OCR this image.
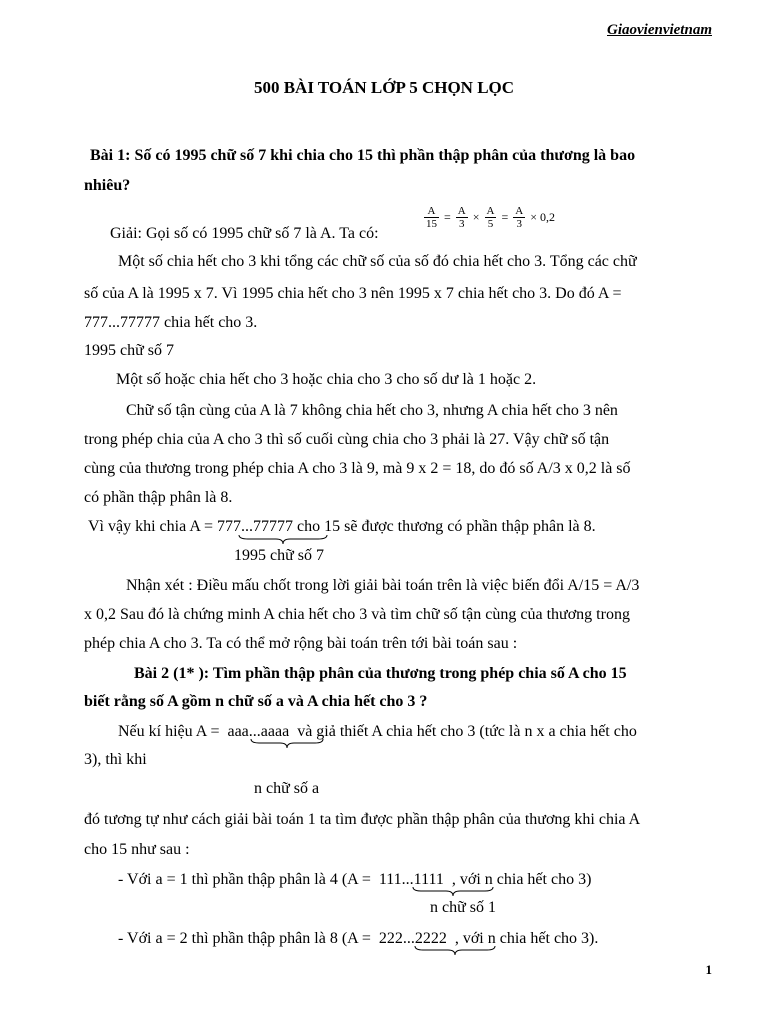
Giaovienvietnam
500 BÀI TOÁN LỚP 5 CHỌN LỌC
Bài 1: Số có 1995 chữ số 7 khi chia cho 15 thì phần thập phân của thương là bao
nhiêu?
Giải: Gọi số có 1995 chữ số 7 là A. Ta có:
$\frac{A}{15} = \frac{A}{3} \times \frac{A}{5} = \frac{A}{3} \times 0,2$
Một số chia hết cho 3 khi tổng các chữ số của số đó chia hết cho 3. Tổng các chữ
số của A là 1995 x 7. Vì 1995 chia hết cho 3 nên 1995 x 7 chia hết cho 3. Do đó A =
777...77777 chia hết cho 3.
1995 chữ số 7
Một số hoặc chia hết cho 3 hoặc chia cho 3 cho số dư là 1 hoặc 2.
Chữ số tận cùng của A là 7 không chia hết cho 3, nhưng A chia hết cho 3 nên
trong phép chia của A cho 3 thì số cuối cùng chia cho 3 phải là 27. Vậy chữ số tận
cùng của thương trong phép chia A cho 3 là 9, mà 9 x 2 = 18, do đó số A/3 x 0,2 là số
có phần thập phân là 8.
Vì vậy khi chia A = 777...77777 cho 15 sẽ được thương có phần thập phân là 8.
1995 chữ số 7
Nhận xét : Điều mấu chốt trong lời giải bài toán trên là việc biến đổi A/15 = A/3
x 0,2 Sau đó là chứng minh A chia hết cho 3 và tìm chữ số tận cùng của thương trong
phép chia A cho 3. Ta có thể mở rộng bài toán trên tới bài toán sau :
Bài 2 (1* ): Tìm phần thập phân của thương trong phép chia số A cho 15
biết rằng số A gồm n chữ số a và A chia hết cho 3 ?
Nếu kí hiệu A = aaa...aaaa và giả thiết A chia hết cho 3 (tức là n x a chia hết cho
3), thì khi
n chữ số a
đó tương tự như cách giải bài toán 1 ta tìm được phần thập phân của thương khi chia A
cho 15 như sau :
- Với a = 1 thì phần thập phân là 4 (A = 111...1111 , với n chia hết cho 3)
n chữ số 1
- Với a = 2 thì phần thập phân là 8 (A = 222...2222 , với n chia hết cho 3).
1
